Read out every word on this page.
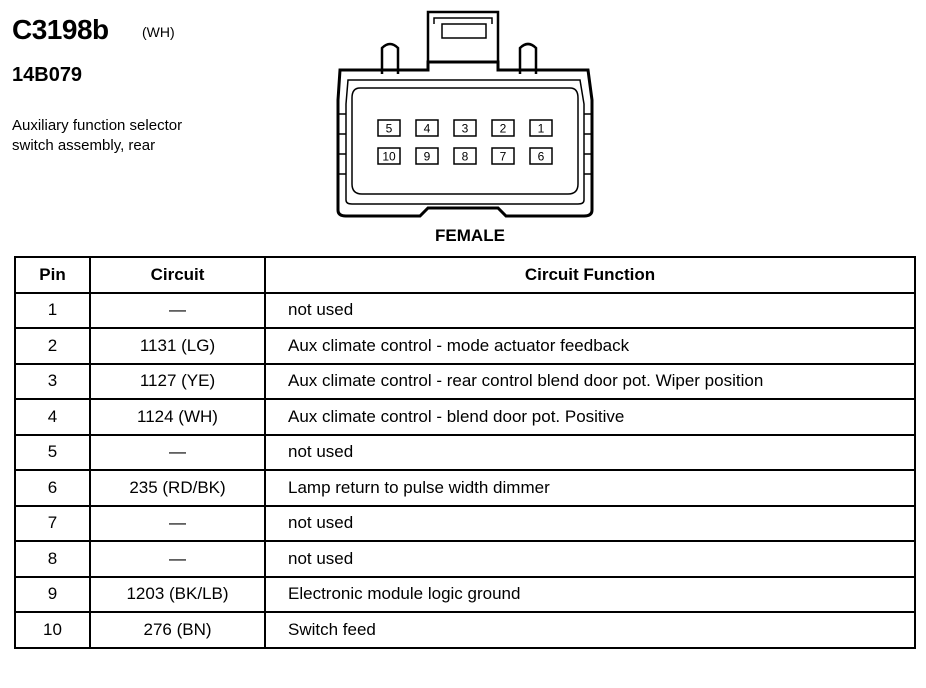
C3198b (WH)
14B079
Auxiliary function selector
switch assembly, rear
5	4	3	2	1
10 9	8	7	6
FEMALE
Pin	Circuit	Circuit Function
1	—	not used
2	1131 (LG)	Aux climate control - mode actuator feedback
3	1127 (YE)	Aux climate control - rear control blend door pot. Wiper position
4	1124 (WH)	Aux climate control - blend door pot. Positive
5	—	not used
6	235 (RD/BK)	Lamp return to pulse width dimmer
7	—	not used
8	—	not used
9	1203 (BK/LB)	Electronic module logic ground
10	276 (BN)	Switch feed
